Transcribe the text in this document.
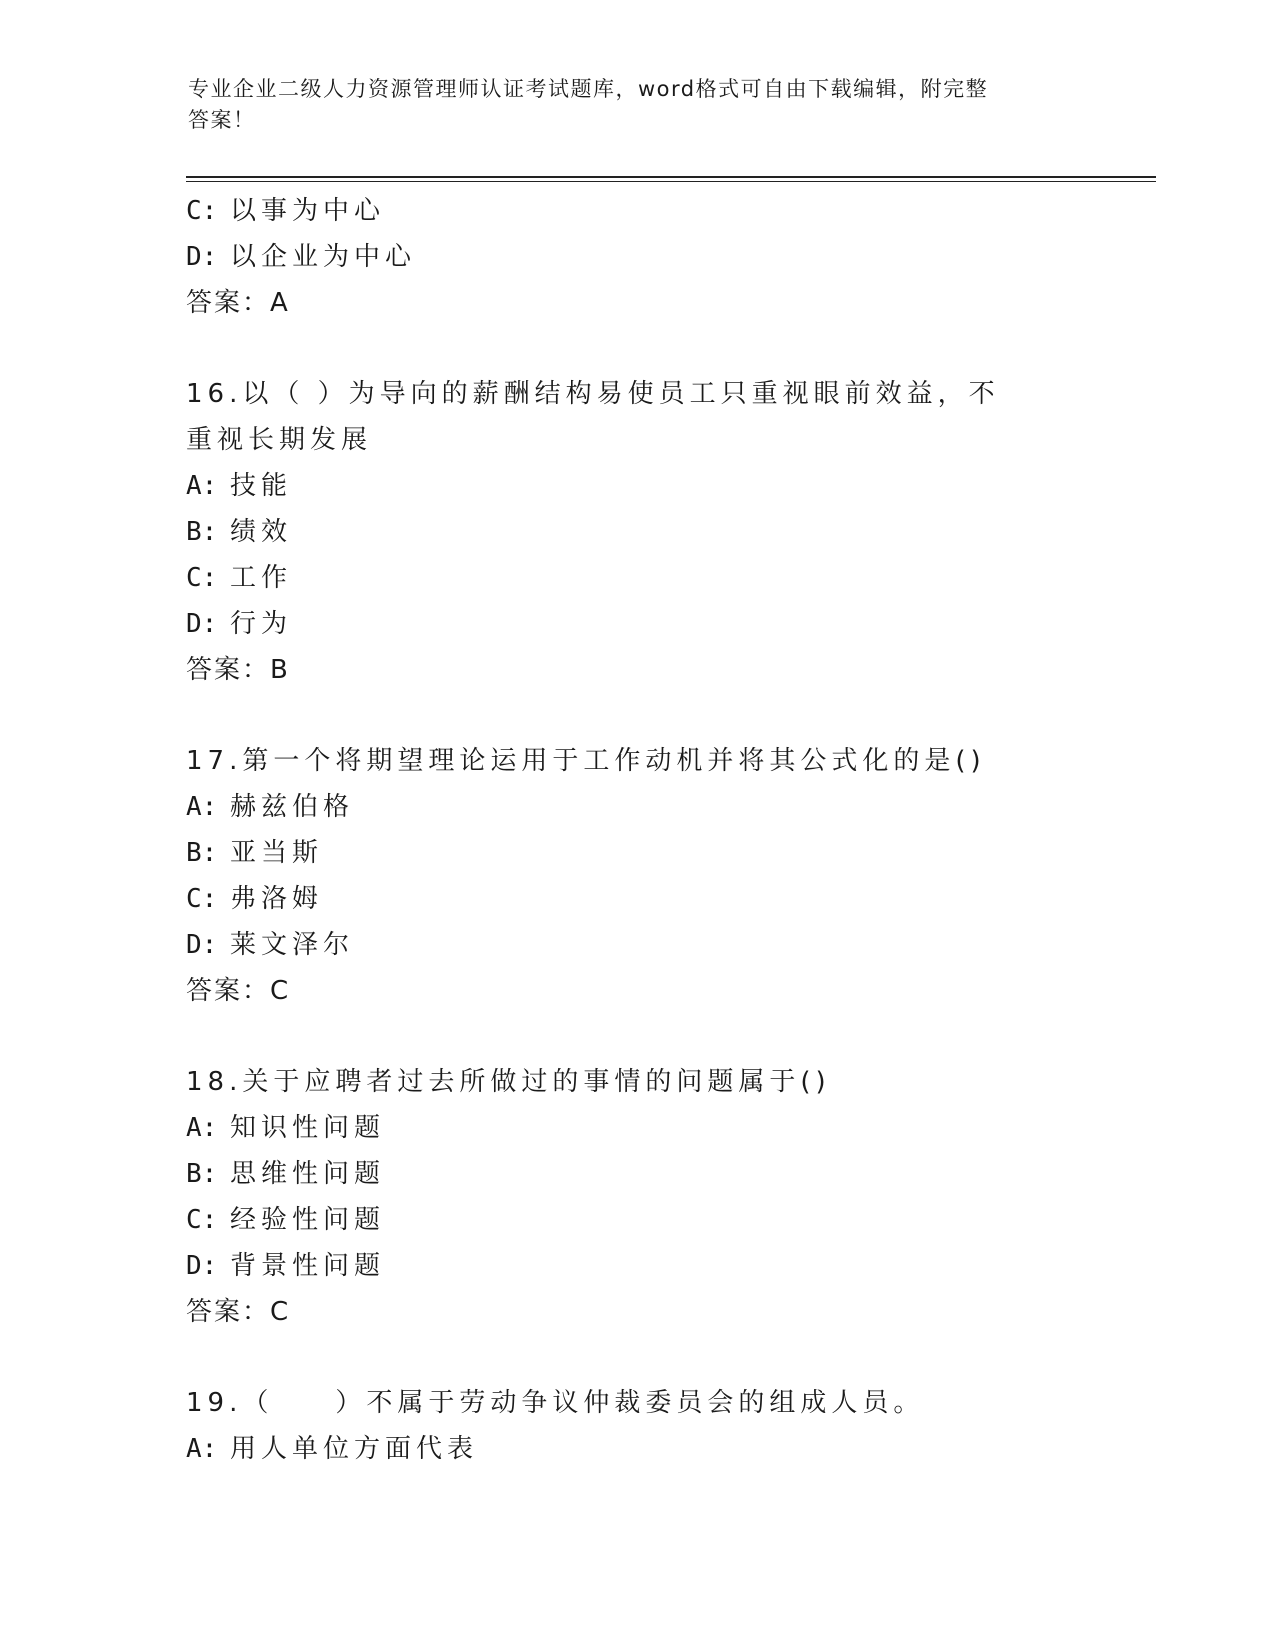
专业企业二级人力资源管理师认证考试题库，word格式可自由下载编辑，附完整
答案！
C: 以事为中心
D: 以企业为中心
答案：A
16.以（ ）为导向的薪酬结构易使员工只重视眼前效益，不重视长期发展
A: 技能
B: 绩效
C: 工作
D: 行为
答案：B
17.第一个将期望理论运用于工作动机并将其公式化的是()
A: 赫兹伯格
B: 亚当斯
C: 弗洛姆
D: 莱文泽尔
答案：C
18.关于应聘者过去所做过的事情的问题属于()
A: 知识性问题
B: 思维性问题
C: 经验性问题
D: 背景性问题
答案：C
19.（　　）不属于劳动争议仲裁委员会的组成人员。
A: 用人单位方面代表
